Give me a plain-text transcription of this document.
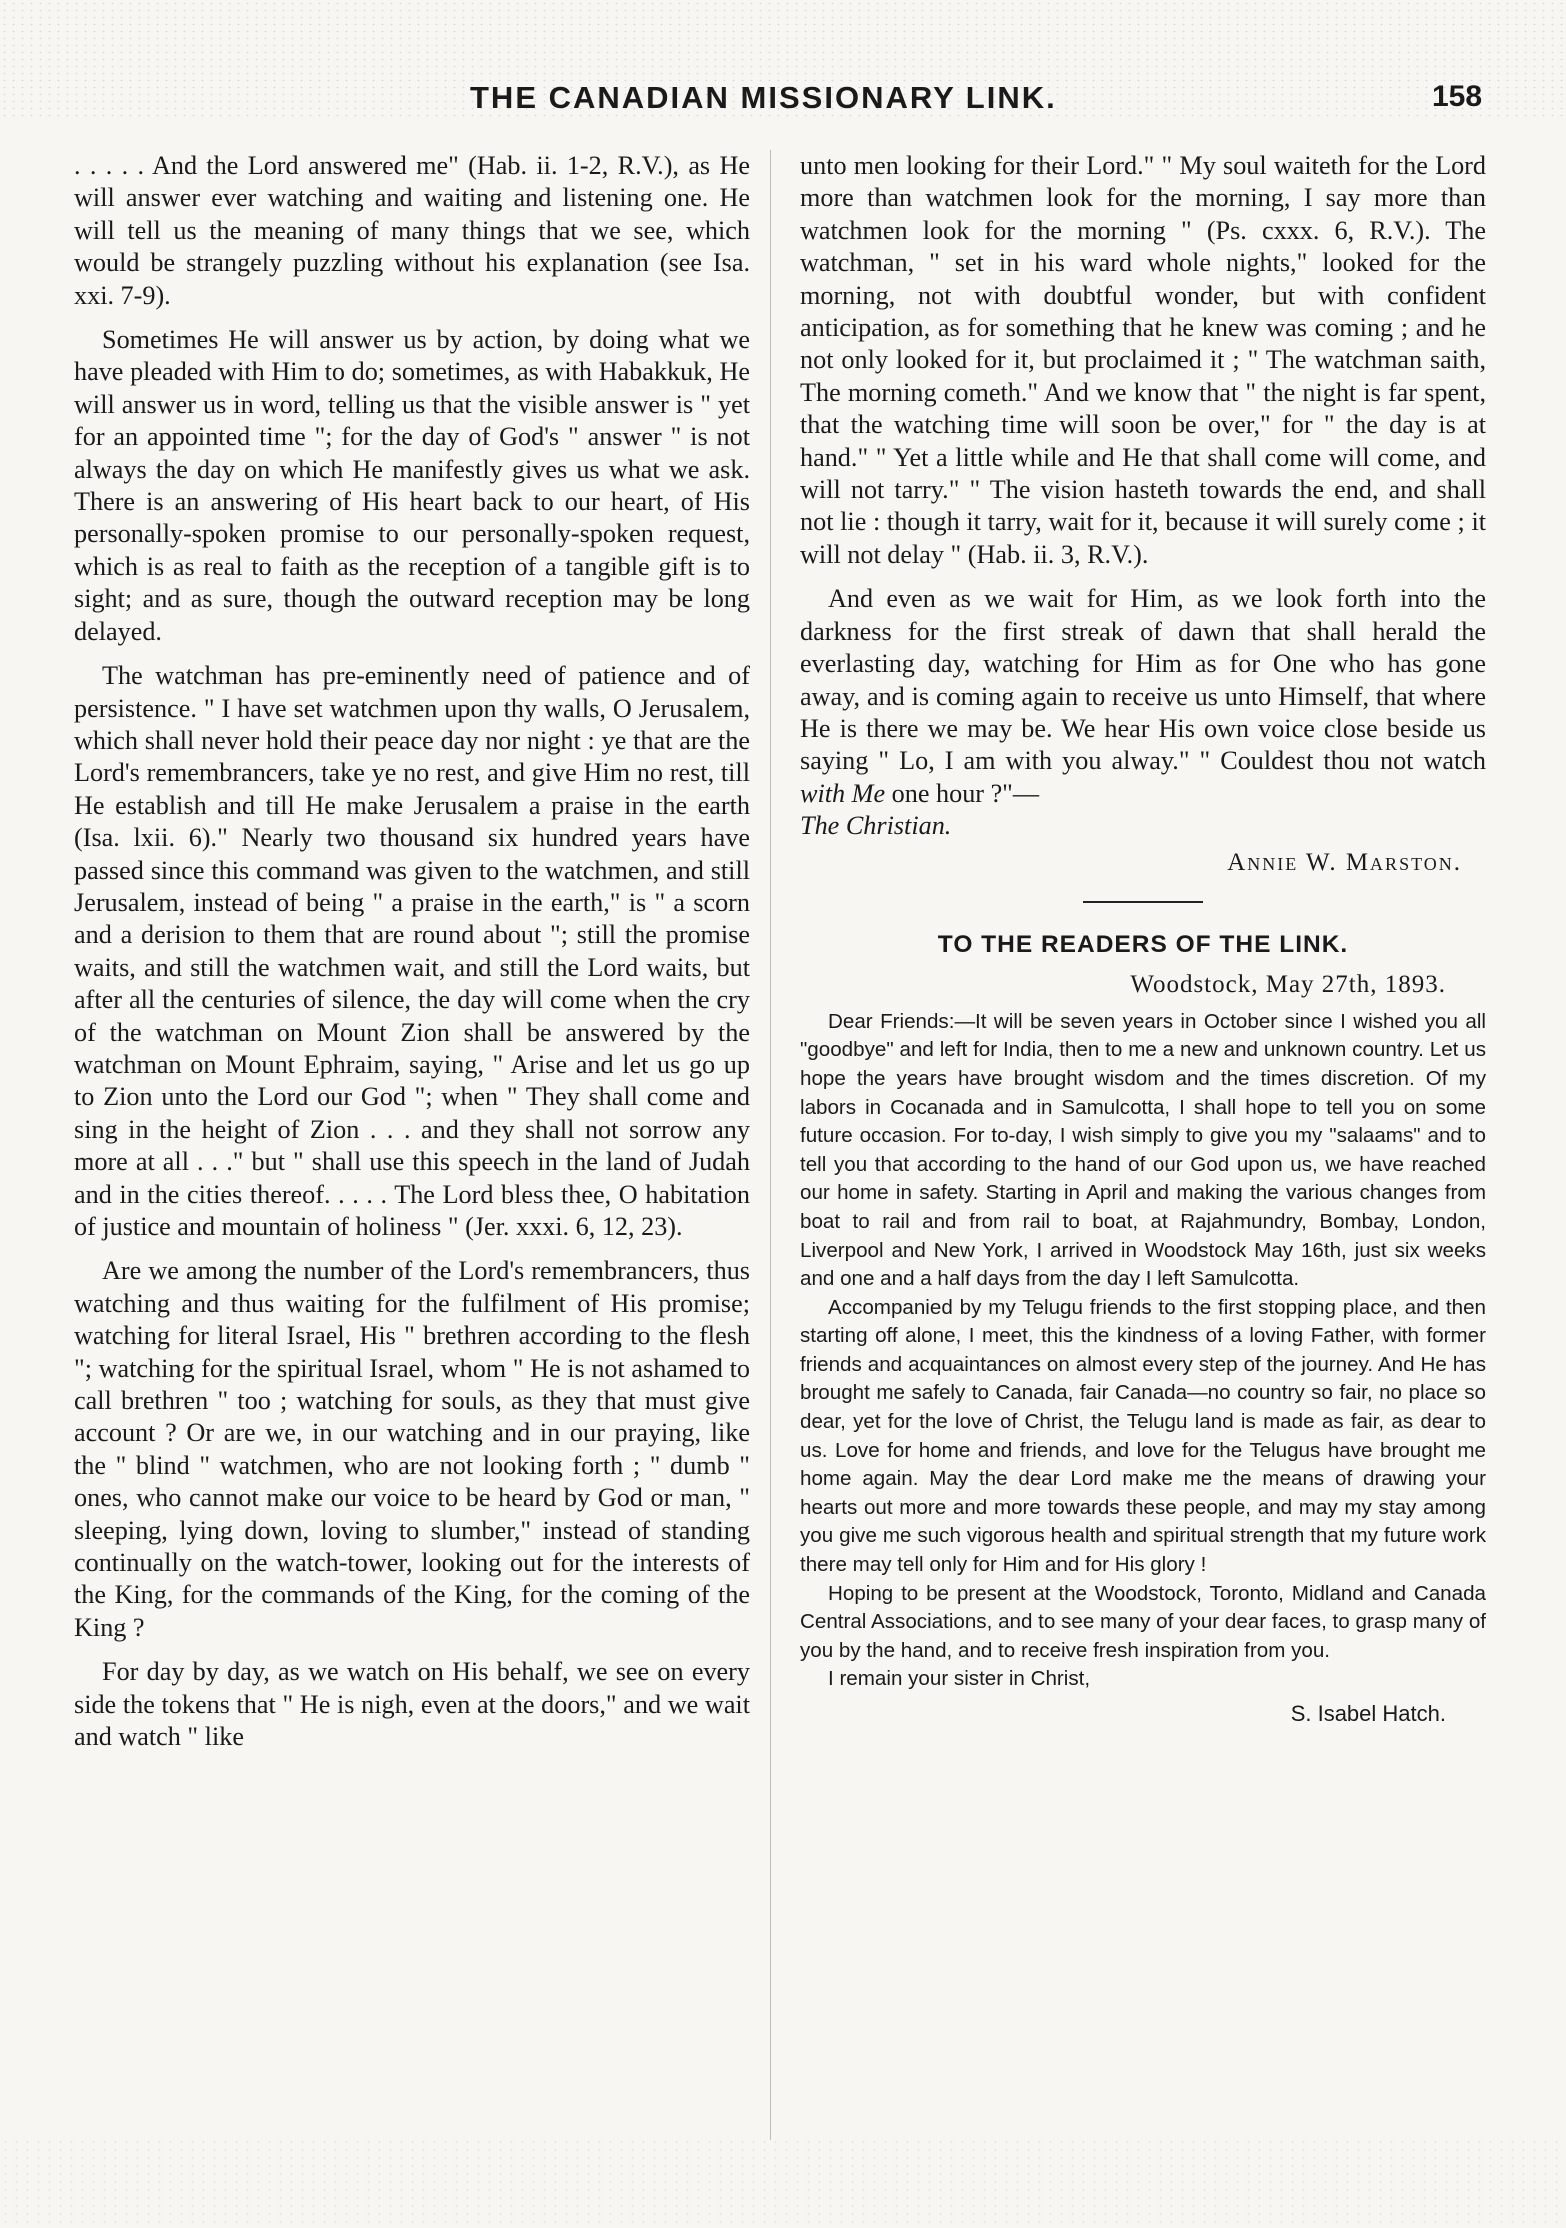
THE CANADIAN MISSIONARY LINK.	158

. . . . . And the Lord answered me" (Hab. ii. 1-2, R.V.), as He will answer ever watching and waiting and listening one. He will tell us the meaning of many things that we see, which would be strangely puzzling without his explanation (see Isa. xxi. 7-9).

Sometimes He will answer us by action, by doing what we have pleaded with Him to do; sometimes, as with Habakkuk, He will answer us in word, telling us that the visible answer is " yet for an appointed time "; for the day of God's " answer " is not always the day on which He manifestly gives us what we ask. There is an answering of His heart back to our heart, of His personally-spoken promise to our personally-spoken request, which is as real to faith as the reception of a tangible gift is to sight; and as sure, though the outward reception may be long delayed.

The watchman has pre-eminently need of patience and of persistence. " I have set watchmen upon thy walls, O Jerusalem, which shall never hold their peace day nor night : ye that are the Lord's remembrancers, take ye no rest, and give Him no rest, till He establish and till He make Jerusalem a praise in the earth (Isa. lxii. 6)." Nearly two thousand six hundred years have passed since this command was given to the watchmen, and still Jerusalem, instead of being " a praise in the earth," is " a scorn and a derision to them that are round about "; still the promise waits, and still the watchmen wait, and still the Lord waits, but after all the centuries of silence, the day will come when the cry of the watchman on Mount Zion shall be answered by the watchman on Mount Ephraim, saying, " Arise and let us go up to Zion unto the Lord our God "; when " They shall come and sing in the height of Zion . . . and they shall not sorrow any more at all . . ." but " shall use this speech in the land of Judah and in the cities thereof. . . . . The Lord bless thee, O habitation of justice and mountain of holiness " (Jer. xxxi. 6, 12, 23).

Are we among the number of the Lord's remembrancers, thus watching and thus waiting for the fulfilment of His promise; watching for literal Israel, His " brethren according to the flesh "; watching for the spiritual Israel, whom " He is not ashamed to call brethren " too ; watching for souls, as they that must give account ? Or are we, in our watching and in our praying, like the " blind " watchmen, who are not looking forth ; " dumb " ones, who cannot make our voice to be heard by God or man, " sleeping, lying down, loving to slumber," instead of standing continually on the watch-tower, looking out for the interests of the King, for the commands of the King, for the coming of the King ?

For day by day, as we watch on His behalf, we see on every side the tokens that " He is nigh, even at the doors," and we wait and watch " like

unto men looking for their Lord." " My soul waiteth for the Lord more than watchmen look for the morning, I say more than watchmen look for the morning " (Ps. cxxx. 6, R.V.). The watchman, " set in his ward whole nights," looked for the morning, not with doubtful wonder, but with confident anticipation, as for something that he knew was coming ; and he not only looked for it, but proclaimed it ; " The watchman saith, The morning cometh." And we know that " the night is far spent, that the watching time will soon be over," for " the day is at hand." " Yet a little while and He that shall come will come, and will not tarry." " The vision hasteth towards the end, and shall not lie : though it tarry, wait for it, because it will surely come ; it will not delay " (Hab. ii. 3, R.V.).

And even as we wait for Him, as we look forth into the darkness for the first streak of dawn that shall herald the everlasting day, watching for Him as for One who has gone away, and is coming again to receive us unto Himself, that where He is there we may be. We hear His own voice close beside us saying " Lo, I am with you alway." " Couldest thou not watch with Me one hour ?"—

The Christian.

Annie W. Marston.
TO THE READERS OF THE LINK.
Woodstock, May 27th, 1893.

Dear Friends:—It will be seven years in October since I wished you all "goodbye" and left for India, then to me a new and unknown country. Let us hope the years have brought wisdom and the times discretion. Of my labors in Cocanada and in Samulcotta, I shall hope to tell you on some future occasion. For to-day, I wish simply to give you my "salaams" and to tell you that according to the hand of our God upon us, we have reached our home in safety. Starting in April and making the various changes from boat to rail and from rail to boat, at Rajahmundry, Bombay, London, Liverpool and New York, I arrived in Woodstock May 16th, just six weeks and one and a half days from the day I left Samulcotta.

Accompanied by my Telugu friends to the first stopping place, and then starting off alone, I meet, this the kindness of a loving Father, with former friends and acquaintances on almost every step of the journey. And He has brought me safely to Canada, fair Canada—no country so fair, no place so dear, yet for the love of Christ, the Telugu land is made as fair, as dear to us. Love for home and friends, and love for the Telugus have brought me home again. May the dear Lord make me the means of drawing your hearts out more and more towards these people, and may my stay among you give me such vigorous health and spiritual strength that my future work there may tell only for Him and for His glory !

Hoping to be present at the Woodstock, Toronto, Midland and Canada Central Associations, and to see many of your dear faces, to grasp many of you by the hand, and to receive fresh inspiration from you.

I remain your sister in Christ,

S. Isabel Hatch.
